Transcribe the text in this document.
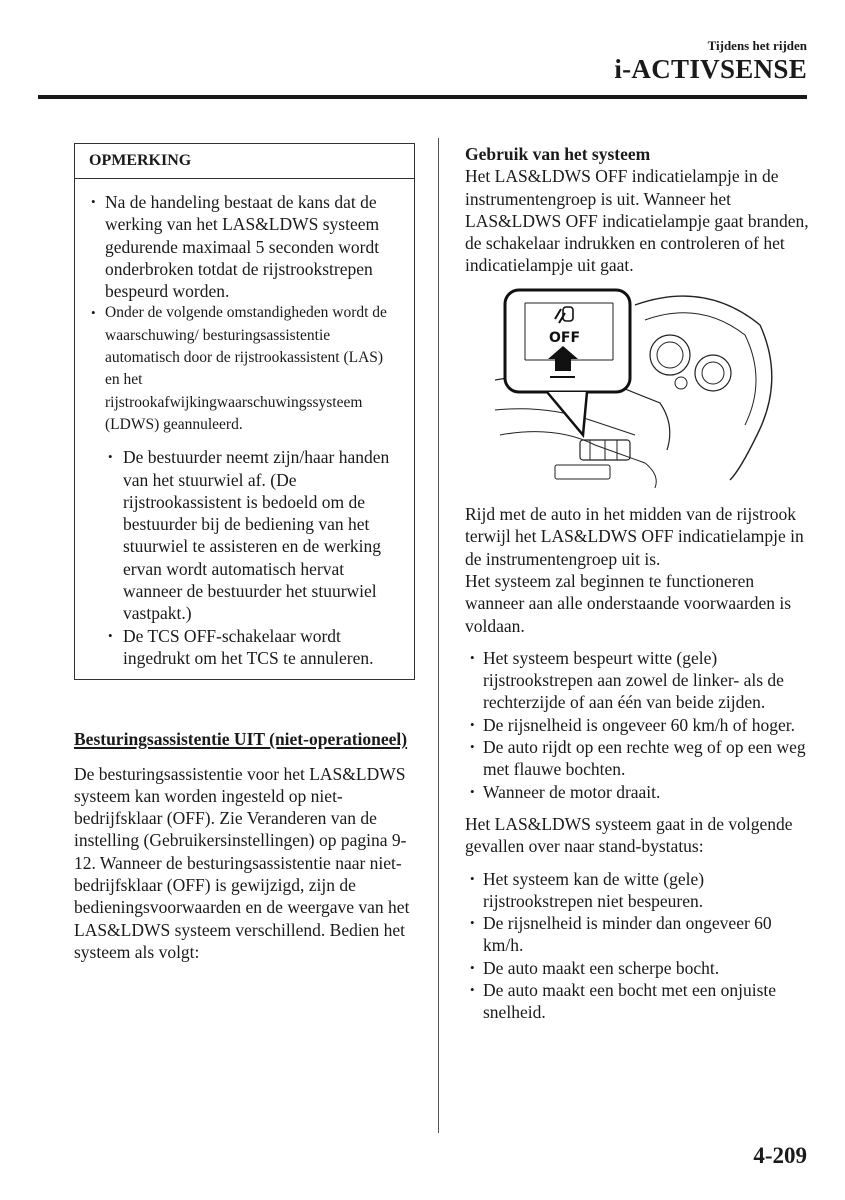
Tijdens het rijden
i-ACTIVSENSE
OPMERKING
• Na de handeling bestaat de kans dat de werking van het LAS&LDWS systeem gedurende maximaal 5 seconden wordt onderbroken totdat de rijstrookstrepen bespeurd worden.
• Onder de volgende omstandigheden wordt de waarschuwing/ besturingsassistentie automatisch door de rijstrookassistent (LAS) en het rijstrookafwijkingwaarschuwingssysteem (LDWS) geannuleerd.
• De bestuurder neemt zijn/haar handen van het stuurwiel af. (De rijstrookassistent is bedoeld om de bestuurder bij de bediening van het stuurwiel te assisteren en de werking ervan wordt automatisch hervat wanneer de bestuurder het stuurwiel vastpakt.)
• De TCS OFF-schakelaar wordt ingedrukt om het TCS te annuleren.
Besturingsassistentie UIT (niet-operationeel)
De besturingsassistentie voor het LAS&LDWS systeem kan worden ingesteld op niet-bedrijfsklaar (OFF). Zie Veranderen van de instelling (Gebruikersinstellingen) op pagina 9-12. Wanneer de besturingsassistentie naar niet-bedrijfsklaar (OFF) is gewijzigd, zijn de bedieningsvoorwaarden en de weergave van het LAS&LDWS systeem verschillend. Bedien het systeem als volgt:
Gebruik van het systeem
Het LAS&LDWS OFF indicatielampje in de instrumentengroep is uit. Wanneer het LAS&LDWS OFF indicatielampje gaat branden, de schakelaar indrukken en controleren of het indicatielampje uit gaat.
OFF
Rijd met de auto in het midden van de rijstrook terwijl het LAS&LDWS OFF indicatielampje in de instrumentengroep uit is.
Het systeem zal beginnen te functioneren wanneer aan alle onderstaande voorwaarden is voldaan.
• Het systeem bespeurt witte (gele) rijstrookstrepen aan zowel de linker- als de rechterzijde of aan één van beide zijden.
• De rijsnelheid is ongeveer 60 km/h of hoger.
• De auto rijdt op een rechte weg of op een weg met flauwe bochten.
• Wanneer de motor draait.
Het LAS&LDWS systeem gaat in de volgende gevallen over naar stand-bystatus:
• Het systeem kan de witte (gele) rijstrookstrepen niet bespeuren.
• De rijsnelheid is minder dan ongeveer 60 km/h.
• De auto maakt een scherpe bocht.
• De auto maakt een bocht met een onjuiste snelheid.
4-209
